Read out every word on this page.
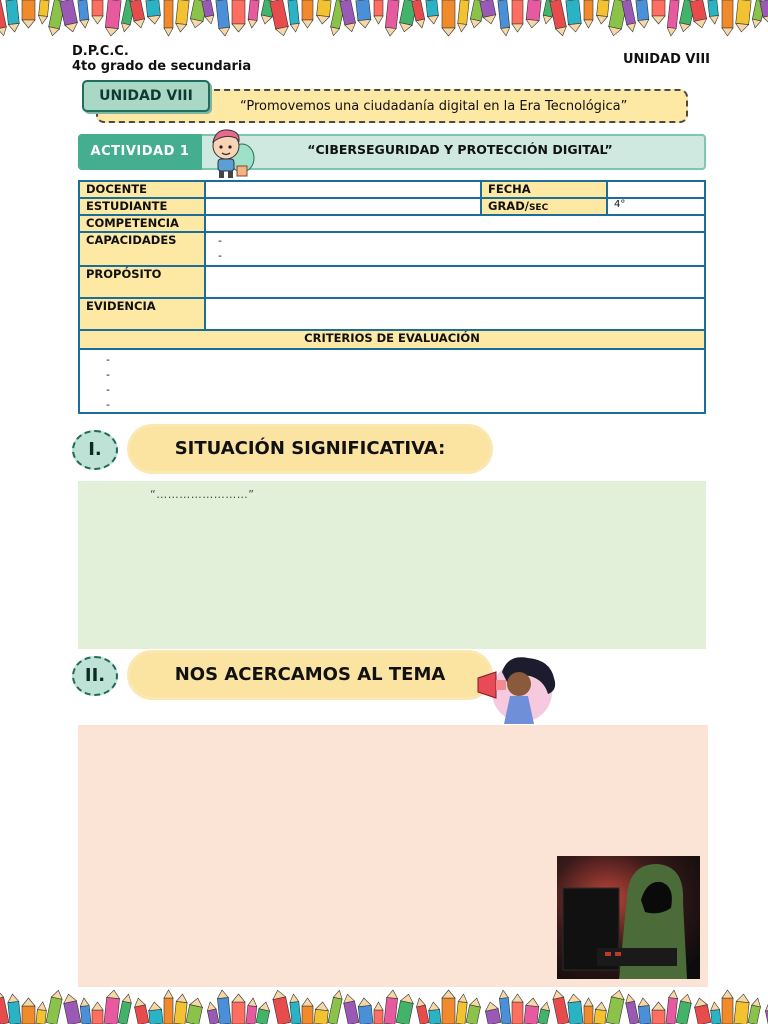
D.P.C.C.
4to grado de secundaria	UNIDAD VIII
UNIDAD VIII
“Promovemos una ciudadanía digital en la Era Tecnológica”
ACTIVIDAD 1	“CIBERSEGURIDAD Y PROTECCIÓN DIGITAL”
DOCENTE		FECHA	
ESTUDIANTE		GRAD/SEC	4°
COMPETENCIA			
CAPACIDADES	-
-		

PROPÓSITO			
EVIDENCIA			
CRITERIOS DE EVALUACIÓN			

-
-
-
-			
I.	SITUACIÓN SIGNIFICATIVA:
“……………………”
II.	NOS ACERCAMOS AL TEMA
